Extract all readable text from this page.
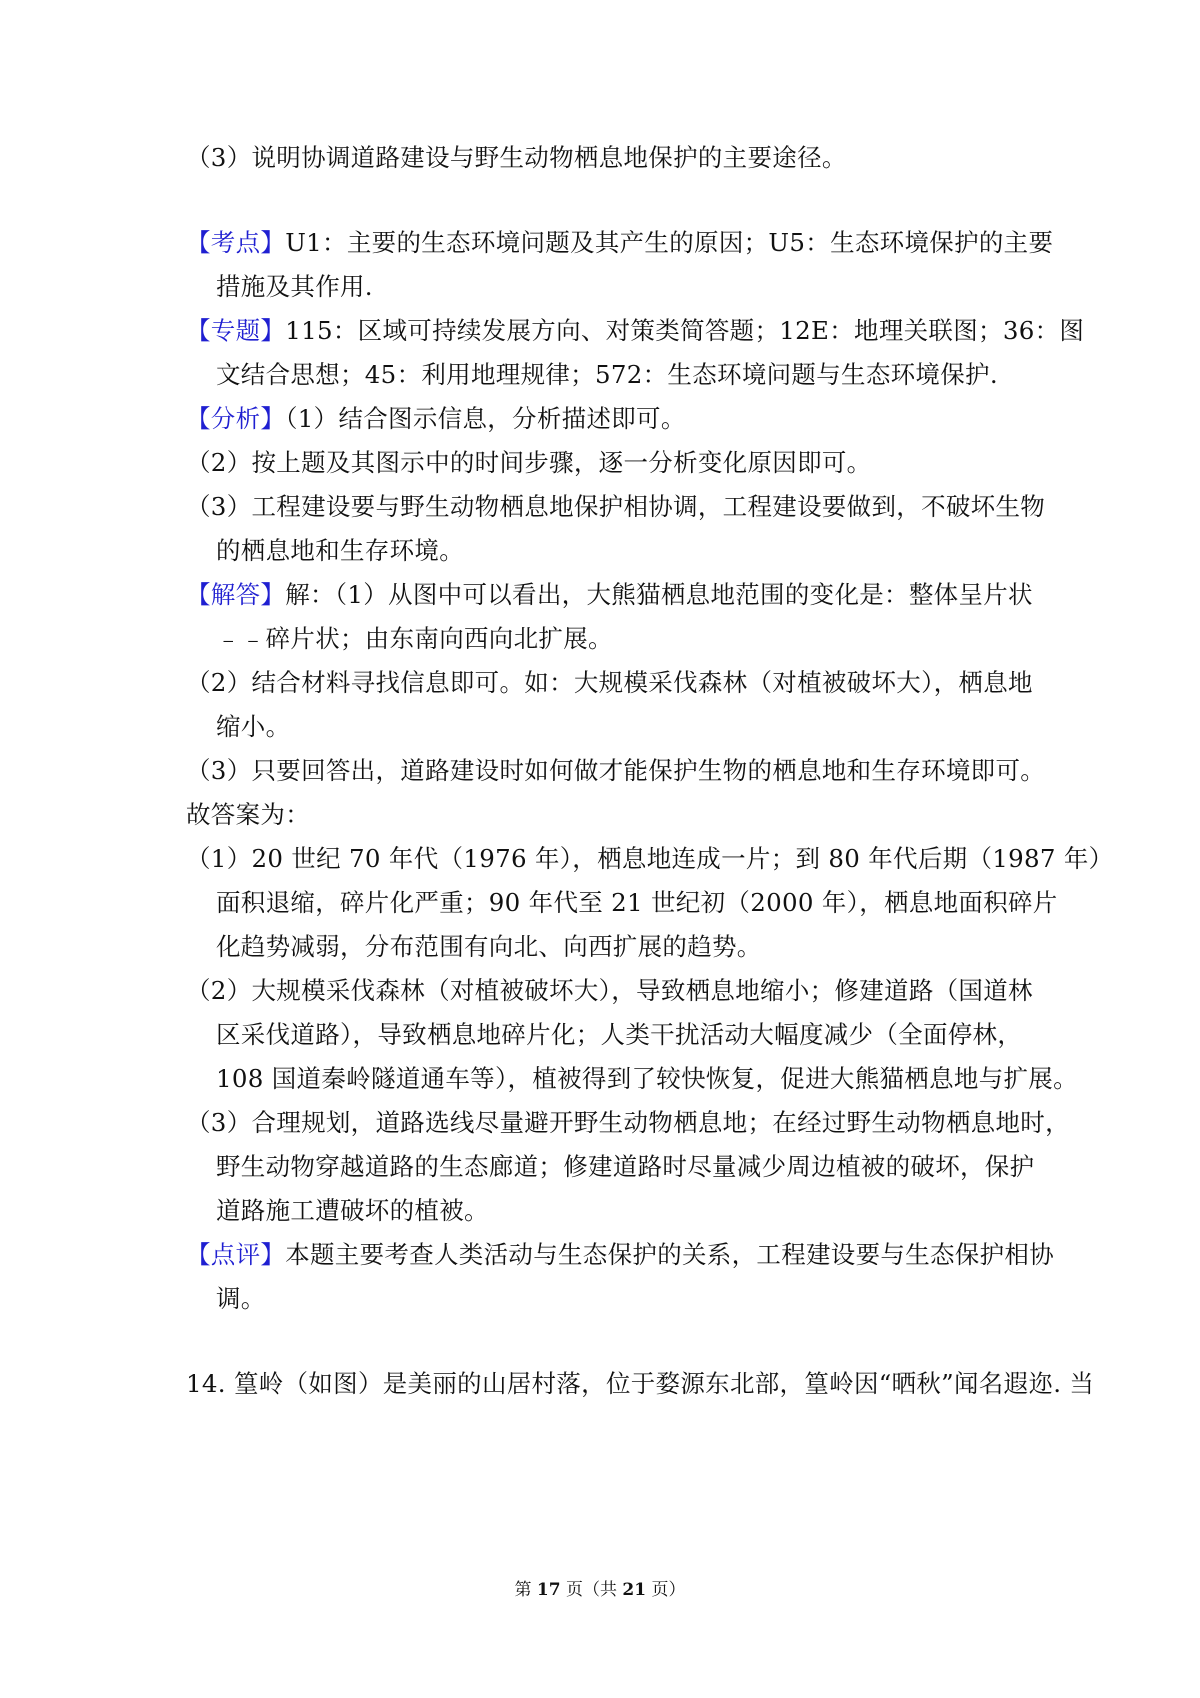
（3）说明协调道路建设与野生动物栖息地保护的主要途径。
【考点】U1：主要的生态环境问题及其产生的原因；U5：生态环境保护的主要
措施及其作用.
【专题】115：区域可持续发展方向、对策类简答题；12E：地理关联图；36：图
文结合思想；45：利用地理规律；572：生态环境问题与生态环境保护.
【分析】（1）结合图示信息，分析描述即可。
（2）按上题及其图示中的时间步骤，逐一分析变化原因即可。
（3）工程建设要与野生动物栖息地保护相协调，工程建设要做到，不破坏生物
的栖息地和生存环境。
【解答】解：（1）从图中可以看出，大熊猫栖息地范围的变化是：整体呈片状
﹣﹣碎片状；由东南向西向北扩展。
（2）结合材料寻找信息即可。如：大规模采伐森林（对植被破坏大），栖息地
缩小。
（3）只要回答出，道路建设时如何做才能保护生物的栖息地和生存环境即可。
故答案为：
（1）20 世纪 70 年代（1976 年），栖息地连成一片；到 80 年代后期（1987 年）
面积退缩，碎片化严重；90 年代至 21 世纪初（2000 年），栖息地面积碎片
化趋势减弱，分布范围有向北、向西扩展的趋势。
（2）大规模采伐森林（对植被破坏大），导致栖息地缩小；修建道路（国道林
区采伐道路），导致栖息地碎片化；人类干扰活动大幅度减少（全面停林，
108 国道秦岭隧道通车等），植被得到了较快恢复，促进大熊猫栖息地与扩展。
（3）合理规划，道路选线尽量避开野生动物栖息地；在经过野生动物栖息地时，
野生动物穿越道路的生态廊道；修建道路时尽量减少周边植被的破坏，保护
道路施工遭破坏的植被。
【点评】本题主要考查人类活动与生态保护的关系，工程建设要与生态保护相协
调。
14. 篁岭（如图）是美丽的山居村落，位于婺源东北部，篁岭因“晒秋”闻名遐迩. 当
第 17 页（共 21 页）
